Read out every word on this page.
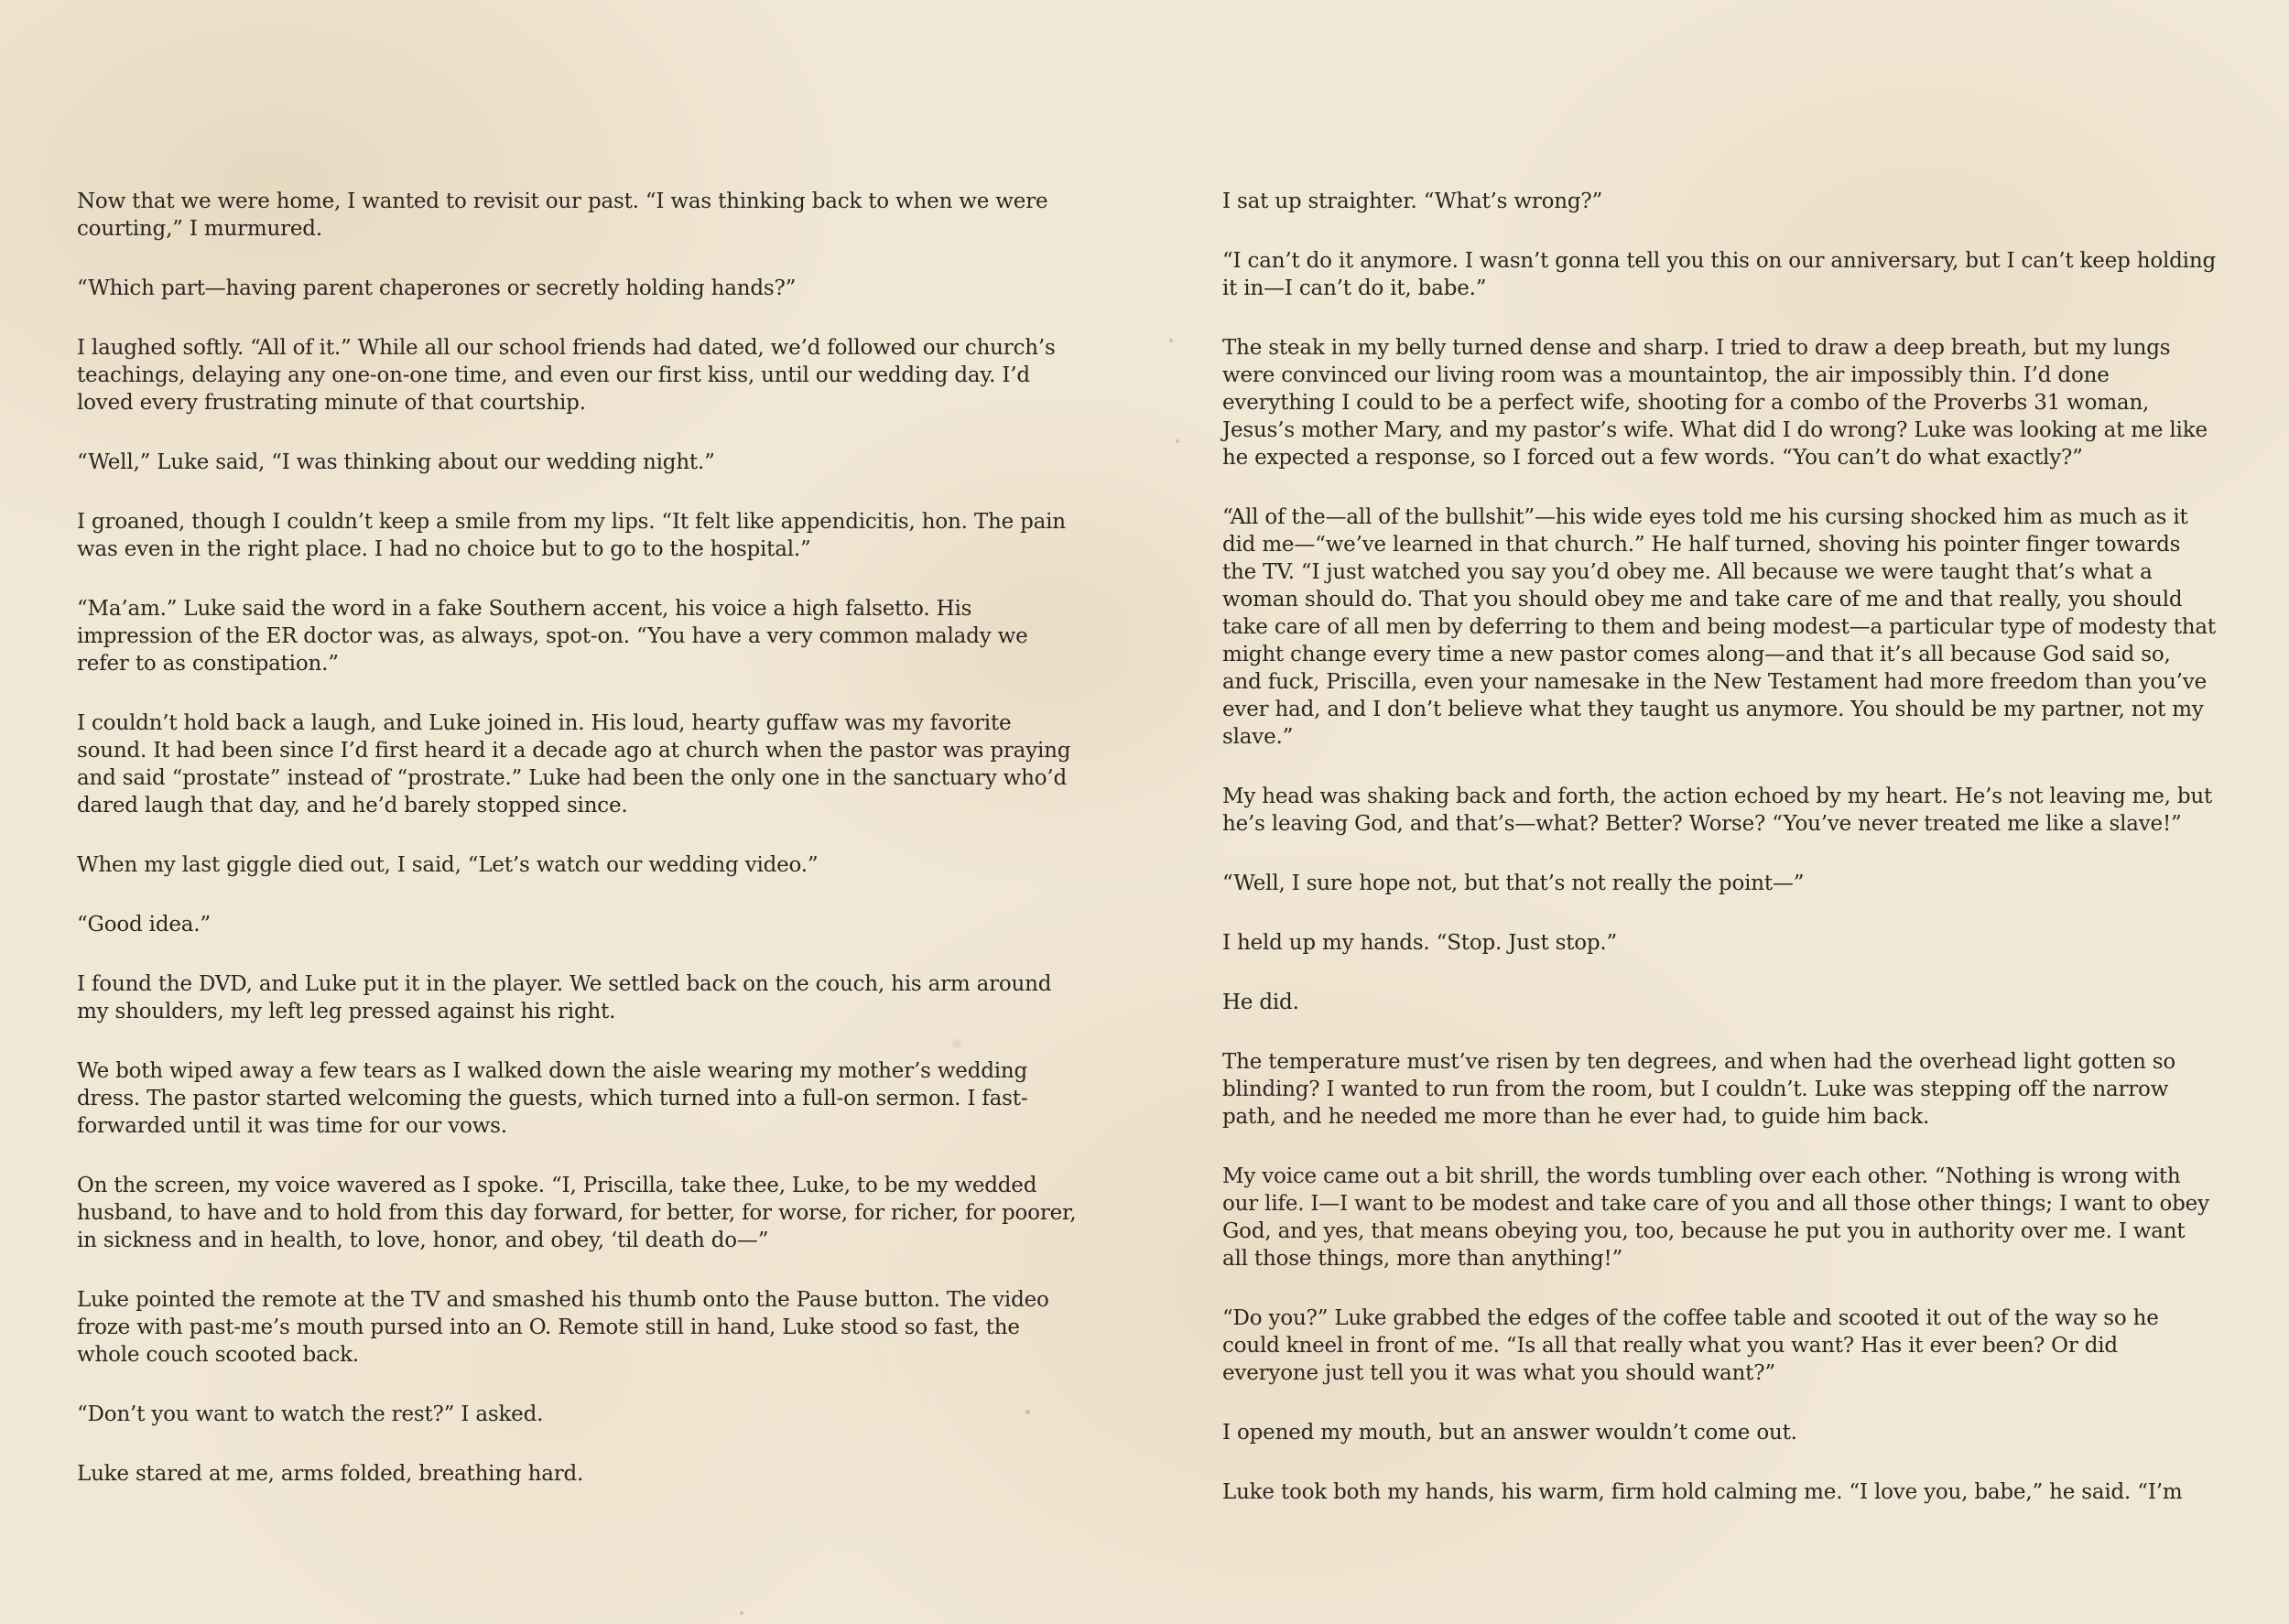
Now that we were home, I wanted to revisit our past. “I was thinking back to when we were courting,” I murmured.

“Which part—having parent chaperones or secretly holding hands?”

I laughed softly. “All of it.” While all our school friends had dated, we’d followed our church’s teachings, delaying any one-on-one time, and even our first kiss, until our wedding day. I’d loved every frustrating minute of that courtship.

“Well,” Luke said, “I was thinking about our wedding night.”

I groaned, though I couldn’t keep a smile from my lips. “It felt like appendicitis, hon. The pain was even in the right place. I had no choice but to go to the hospital.”

“Ma’am.” Luke said the word in a fake Southern accent, his voice a high falsetto. His impression of the ER doctor was, as always, spot-on. “You have a very common malady we refer to as constipation.”

I couldn’t hold back a laugh, and Luke joined in. His loud, hearty guffaw was my favorite sound. It had been since I’d first heard it a decade ago at church when the pastor was praying and said “prostate” instead of “prostrate.” Luke had been the only one in the sanctuary who’d dared laugh that day, and he’d barely stopped since.

When my last giggle died out, I said, “Let’s watch our wedding video.”

“Good idea.”

I found the DVD, and Luke put it in the player. We settled back on the couch, his arm around my shoulders, my left leg pressed against his right.

We both wiped away a few tears as I walked down the aisle wearing my mother’s wedding dress. The pastor started welcoming the guests, which turned into a full-on sermon. I fast-forwarded until it was time for our vows.

On the screen, my voice wavered as I spoke. “I, Priscilla, take thee, Luke, to be my wedded husband, to have and to hold from this day forward, for better, for worse, for richer, for poorer, in sickness and in health, to love, honor, and obey, ‘til death do—”

Luke pointed the remote at the TV and smashed his thumb onto the Pause button. The video froze with past-me’s mouth pursed into an O. Remote still in hand, Luke stood so fast, the whole couch scooted back.

“Don’t you want to watch the rest?” I asked.

Luke stared at me, arms folded, breathing hard.

I sat up straighter. “What’s wrong?”

“I can’t do it anymore. I wasn’t gonna tell you this on our anniversary, but I can’t keep holding it in—I can’t do it, babe.”

The steak in my belly turned dense and sharp. I tried to draw a deep breath, but my lungs were convinced our living room was a mountaintop, the air impossibly thin. I’d done everything I could to be a perfect wife, shooting for a combo of the Proverbs 31 woman, Jesus’s mother Mary, and my pastor’s wife. What did I do wrong? Luke was looking at me like he expected a response, so I forced out a few words. “You can’t do what exactly?”

“All of the—all of the bullshit”—his wide eyes told me his cursing shocked him as much as it did me—“we’ve learned in that church.” He half turned, shoving his pointer finger towards the TV. “I just watched you say you’d obey me. All because we were taught that’s what a woman should do. That you should obey me and take care of me and that really, you should take care of all men by deferring to them and being modest—a particular type of modesty that might change every time a new pastor comes along—and that it’s all because God said so, and fuck, Priscilla, even your namesake in the New Testament had more freedom than you’ve ever had, and I don’t believe what they taught us anymore. You should be my partner, not my slave.”

My head was shaking back and forth, the action echoed by my heart. He’s not leaving me, but he’s leaving God, and that’s—what? Better? Worse? “You’ve never treated me like a slave!”

“Well, I sure hope not, but that’s not really the point—”

I held up my hands. “Stop. Just stop.”

He did.

The temperature must’ve risen by ten degrees, and when had the overhead light gotten so blinding? I wanted to run from the room, but I couldn’t. Luke was stepping off the narrow path, and he needed me more than he ever had, to guide him back.

My voice came out a bit shrill, the words tumbling over each other. “Nothing is wrong with our life. I—I want to be modest and take care of you and all those other things; I want to obey God, and yes, that means obeying you, too, because he put you in authority over me. I want all those things, more than anything!”

“Do you?” Luke grabbed the edges of the coffee table and scooted it out of the way so he could kneel in front of me. “Is all that really what you want? Has it ever been? Or did everyone just tell you it was what you should want?”

I opened my mouth, but an answer wouldn’t come out.

Luke took both my hands, his warm, firm hold calming me. “I love you, babe,” he said. “I’m
